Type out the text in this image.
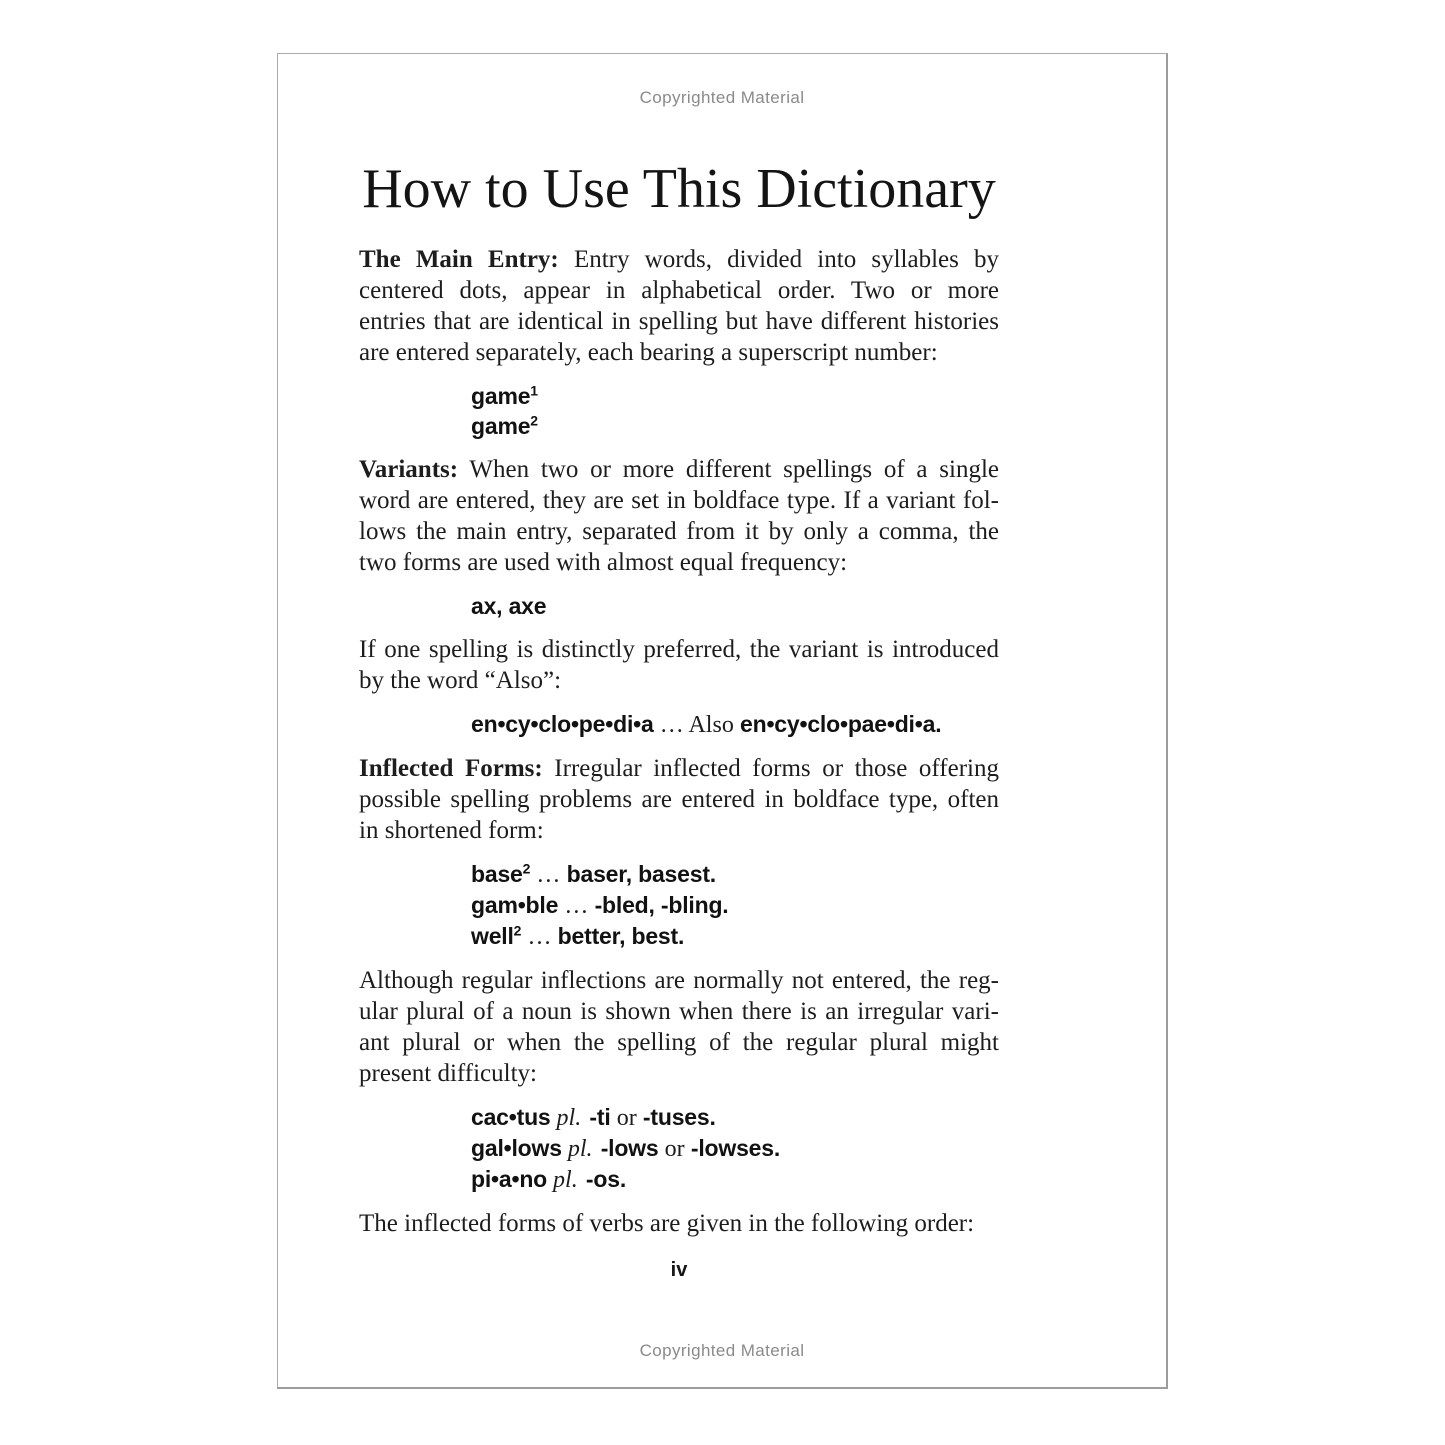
Copyrighted Material
How to Use This Dictionary
The Main Entry: Entry words, divided into syllables by
centered dots, appear in alphabetical order. Two or more
entries that are identical in spelling but have different histories
are entered separately, each bearing a superscript number:
game$^1$
game$^2$
Variants: When two or more different spellings of a single
word are entered, they are set in boldface type. If a variant fol-
lows the main entry, separated from it by only a comma, the
two forms are used with almost equal frequency:
ax, axe
If one spelling is distinctly preferred, the variant is introduced
by the word “Also”:
en•cy•clo•pe•di•a … Also en•cy•clo•pae•di•a.
Inflected Forms: Irregular inflected forms or those offering
possible spelling problems are entered in boldface type, often
in shortened form:
base$^2$ … baser, basest.
gam•ble … -bled, -bling.
well$^2$ … better, best.
Although regular inflections are normally not entered, the reg-
ular plural of a noun is shown when there is an irregular vari-
ant plural or when the spelling of the regular plural might
present difficulty:
cac•tus pl. -ti or -tuses.
gal•lows pl. -lows or -lowses.
pi•a•no pl. -os.
The inflected forms of verbs are given in the following order:
iv
Copyrighted Material
